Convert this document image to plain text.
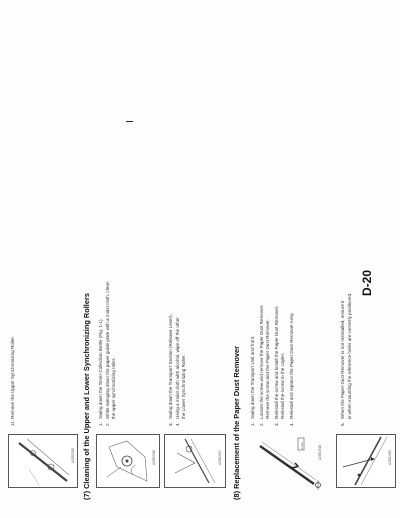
A205D515
11.Remove the Upper Synchronizing Roller.	(7) Cleaning of the Upper and Lower Synchronizing Rollers	A205D516
1.Swing down the Toner Collection Bottle (Fig. 1-1).
2.While swinging down the paper guide plate with a moist cloth, clean the upper synchronizing roller.
A205D517
3.Swing down the Transport Section (Release Lever).
4.Using a moist cloth with alcohol, wipe off the other the Lower Synchronizing Roller.	(8) Replacement of the Paper Dust Remover	Front	A205D518
1.Swing down the Transport Unit and front.
2.Loosen the screw and remove the Paper Dust Remover. Remove the screw and the Paper Dust Remover.
3.Reinstall the screw and install the Paper Dust Remover. Reinstall the screw to the copier.
4.Reinstall and replace the Paper Dust Remover Assy.
A205D519
5.When the Paper Dust Remover is not reinstalled, ensure it is when mounting the reference holes are correctly positioned.
D-20
